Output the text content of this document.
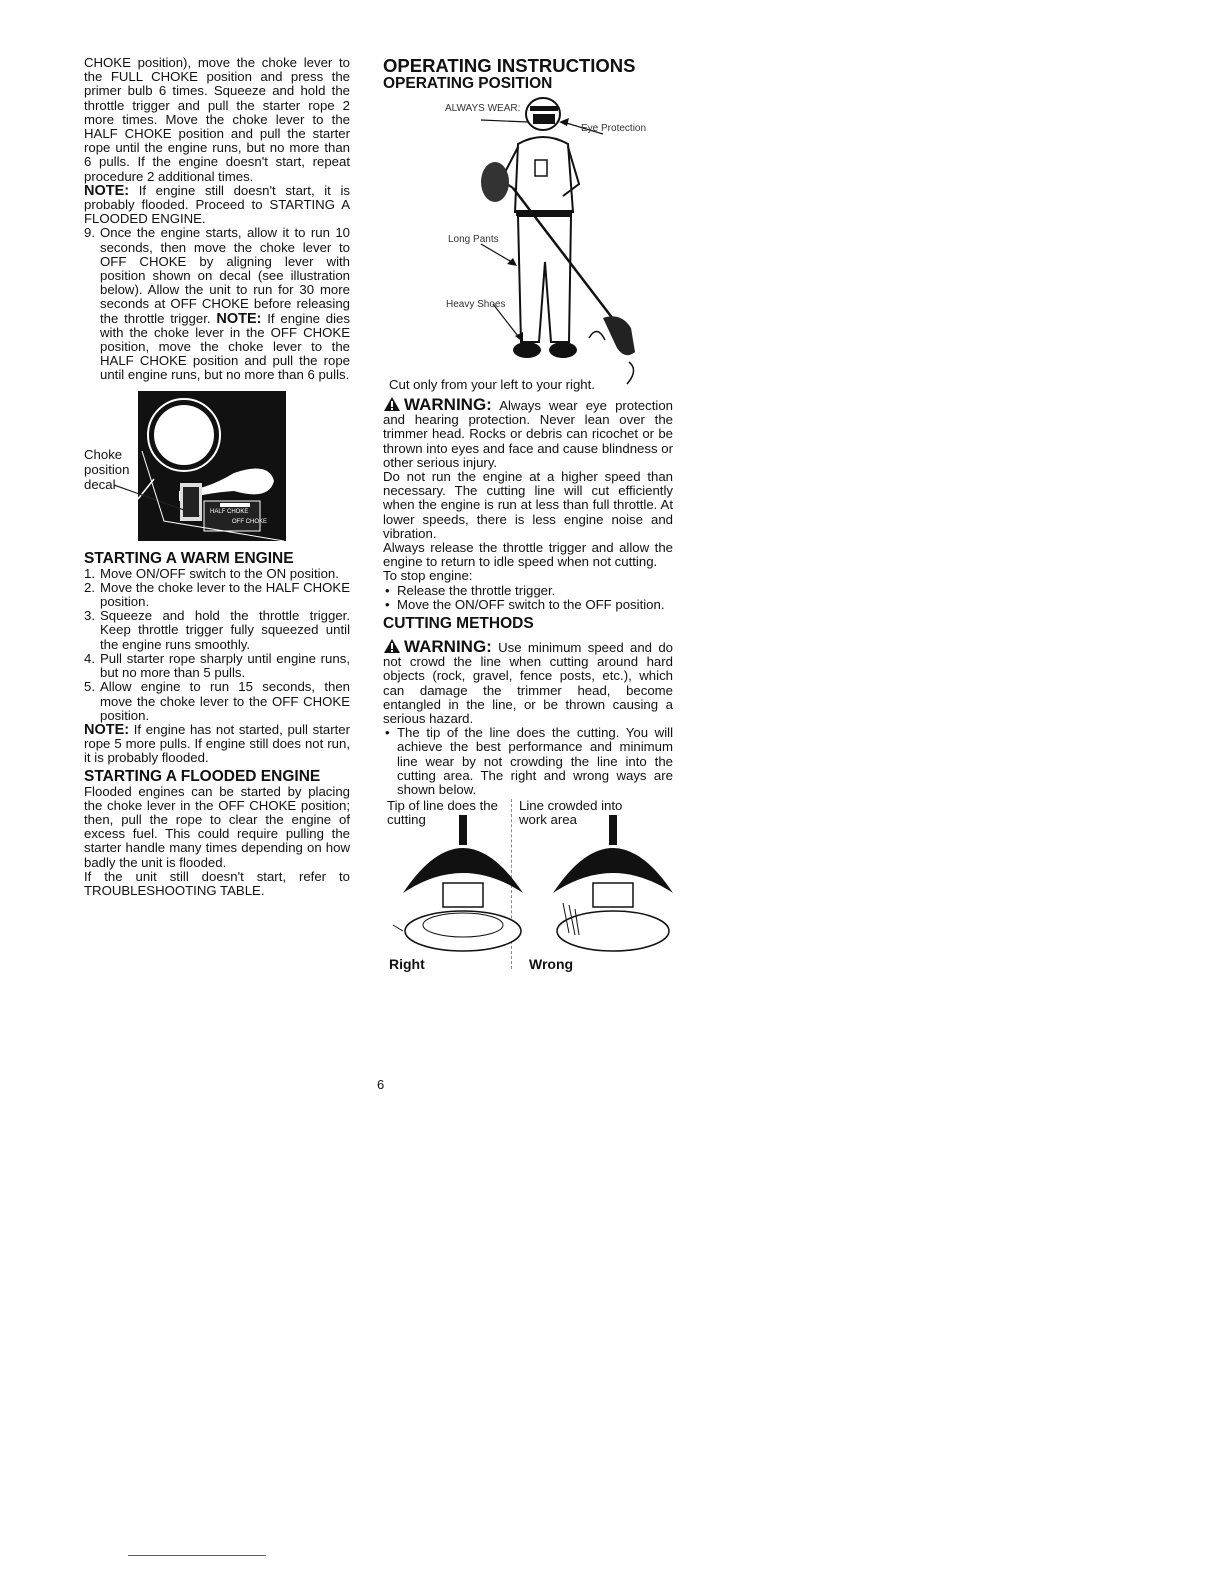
CHOKE position), move the choke lever to the FULL CHOKE position and press the primer bulb 6 times. Squeeze and hold the throttle trigger and pull the starter rope 2 more times. Move the choke lever to the HALF CHOKE position and pull the starter rope until the engine runs, but no more than 6 pulls. If the engine doesn't start, repeat procedure 2 additional times.

NOTE: If engine still doesn't start, it is probably flooded. Proceed to STARTING A FLOODED ENGINE.

9. Once the engine starts, allow it to run 10 seconds, then move the choke lever to OFF CHOKE by aligning lever with position shown on decal (see illustration below). Allow the unit to run for 30 more seconds at OFF CHOKE before releasing the throttle trigger. NOTE: If engine dies with the choke lever in the OFF CHOKE position, move the choke lever to the HALF CHOKE position and pull the rope until engine runs, but no more than 6 pulls.
HALF CHOKE
OFF CHOKE
Choke
position
decal
STARTING A WARM ENGINE
1. Move ON/OFF switch to the ON position.
2. Move the choke lever to the HALF CHOKE position.
3. Squeeze and hold the throttle trigger. Keep throttle trigger fully squeezed until the engine runs smoothly.
4. Pull starter rope sharply until engine runs, but no more than 5 pulls.
5. Allow engine to run 15 seconds, then move the choke lever to the OFF CHOKE position.

NOTE: If engine has not started, pull starter rope 5 more pulls. If engine still does not run, it is probably flooded.

STARTING A FLOODED ENGINE

Flooded engines can be started by placing the choke lever in the OFF CHOKE position; then, pull the rope to clear the engine of excess fuel. This could require pulling the starter handle many times depending on how badly the unit is flooded.

If the unit still doesn't start, refer to TROUBLESHOOTING TABLE.

OPERATING INSTRUCTIONS
OPERATING POSITION
ALWAYS WEAR:
Eye Protection
Long Pants
Heavy Shoes
Cut only from your left to your right.
WARNING: Always wear eye protection and hearing protection. Never lean over the trimmer head. Rocks or debris can ricochet or be thrown into eyes and face and cause blindness or other serious injury.

Do not run the engine at a higher speed than necessary. The cutting line will cut efficiently when the engine is run at less than full throttle. At lower speeds, there is less engine noise and vibration.

Always release the throttle trigger and allow the engine to return to idle speed when not cutting.

To stop engine:

• Release the throttle trigger.
• Move the ON/OFF switch to the OFF position.
CUTTING METHODS
WARNING: Use minimum speed and do not crowd the line when cutting around hard objects (rock, gravel, fence posts, etc.), which can damage the trimmer head, become entangled in the line, or be thrown causing a serious hazard.
• The tip of the line does the cutting. You will achieve the best performance and minimum line wear by not crowding the line into the cutting area. The right and wrong ways are shown below.
Tip of line does the cutting
Line crowded into work area
Right	Wrong
6
